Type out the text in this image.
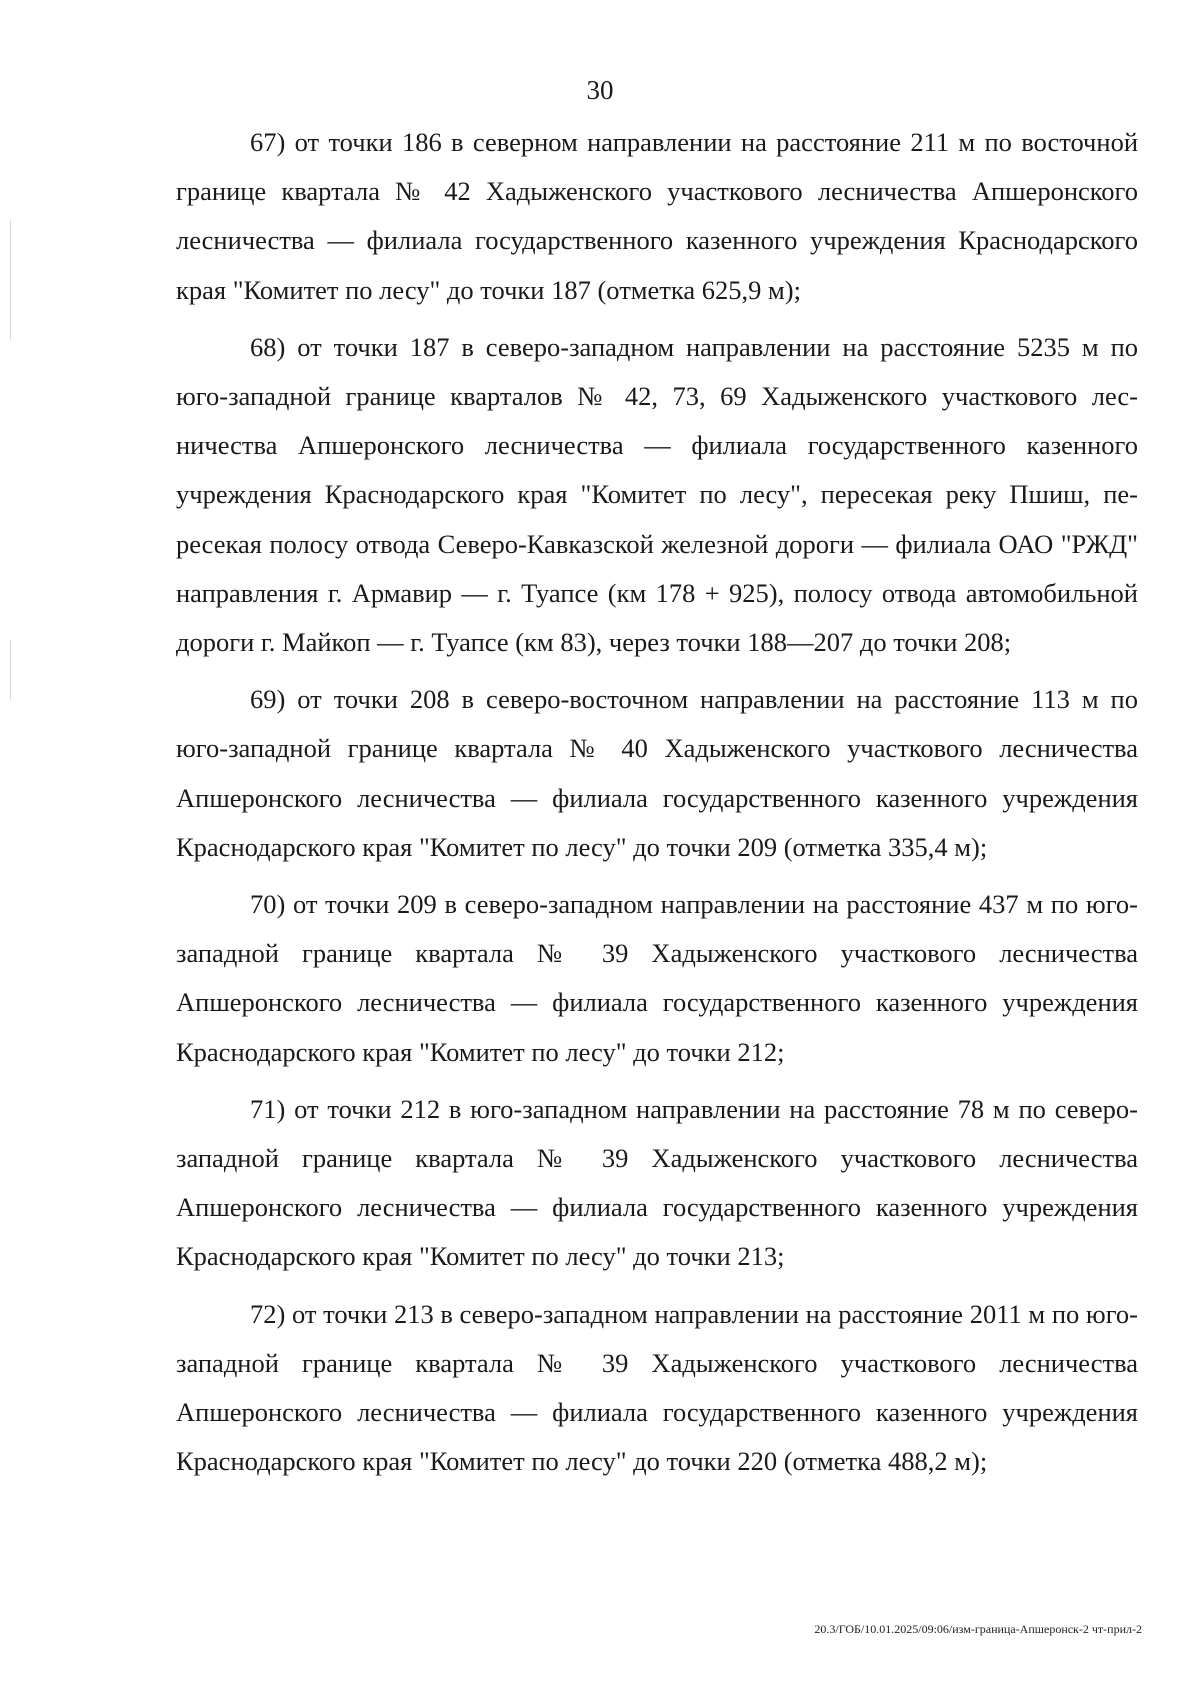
30

67) от точки 186 в северном направлении на расстояние 211 м по восточной границе квартала № 42 Хадыженского участкового лесничества Апшеронского лесничества — филиала государственного казенного учреждения Краснодарского края "Комитет по лесу" до точки 187 (отметка 625,9 м);

68) от точки 187 в северо-западном направлении на расстояние 5235 м по юго-западной границе кварталов № 42, 73, 69 Хадыженского участкового лесничества Апшеронского лесничества — филиала государственного казенного учреждения Краснодарского края "Комитет по лесу", пересекая реку Пшиш, пересекая полосу отвода Северо-Кавказской железной дороги — филиала ОАО "РЖД" направления г. Армавир — г. Туапсе (км 178 + 925), полосу отвода автомобильной дороги г. Майкоп — г. Туапсе (км 83), через точки 188—207 до точки 208;

69) от точки 208 в северо-восточном направлении на расстояние 113 м по юго-западной границе квартала № 40 Хадыженского участкового лесничества Апшеронского лесничества — филиала государственного казенного учреждения Краснодарского края "Комитет по лесу" до точки 209 (отметка 335,4 м);

70) от точки 209 в северо-западном направлении на расстояние 437 м по юго-западной границе квартала № 39 Хадыженского участкового лесничества Апшеронского лесничества — филиала государственного казенного учреждения Краснодарского края "Комитет по лесу" до точки 212;

71) от точки 212 в юго-западном направлении на расстояние 78 м по северо-западной границе квартала № 39 Хадыженского участкового лесничества Апшеронского лесничества — филиала государственного казенного учреждения Краснодарского края "Комитет по лесу" до точки 213;

72) от точки 213 в северо-западном направлении на расстояние 2011 м по юго-западной границе квартала № 39 Хадыженского участкового лесничества Апшеронского лесничества — филиала государственного казенного учреждения Краснодарского края "Комитет по лесу" до точки 220 (отметка 488,2 м);

20.3/ГОБ/10.01.2025/09:06/изм-граница-Апшеронск-2 чт-прил-2
